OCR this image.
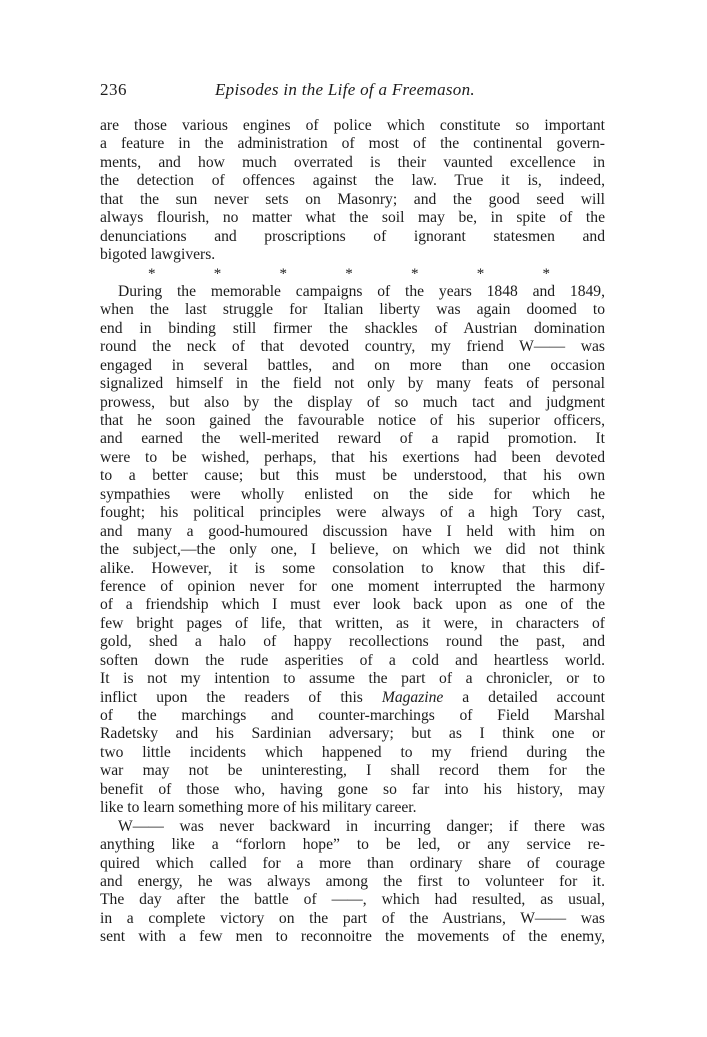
236	Episodes in the Life of a Freemason.
are those various engines of police which constitute so important
a feature in the administration of most of the continental govern-
ments, and how much overrated is their vaunted excellence in
the detection of offences against the law. True it is, indeed,
that the sun never sets on Masonry; and the good seed will
always flourish, no matter what the soil may be, in spite of the
denunciations and proscriptions of ignorant statesmen and
bigoted lawgivers.
*	*	*	*	*	*	*
During the memorable campaigns of the years 1848 and 1849,
when the last struggle for Italian liberty was again doomed to
end in binding still firmer the shackles of Austrian domination
round the neck of that devoted country, my friend W—— was
engaged in several battles, and on more than one occasion
signalized himself in the field not only by many feats of personal
prowess, but also by the display of so much tact and judgment
that he soon gained the favourable notice of his superior officers,
and earned the well-merited reward of a rapid promotion. It
were to be wished, perhaps, that his exertions had been devoted
to a better cause; but this must be understood, that his own
sympathies were wholly enlisted on the side for which he
fought; his political principles were always of a high Tory cast,
and many a good-humoured discussion have I held with him on
the subject,—the only one, I believe, on which we did not think
alike. However, it is some consolation to know that this dif-
ference of opinion never for one moment interrupted the harmony
of a friendship which I must ever look back upon as one of the
few bright pages of life, that written, as it were, in characters of
gold, shed a halo of happy recollections round the past, and
soften down the rude asperities of a cold and heartless world.
It is not my intention to assume the part of a chronicler, or to
inflict upon the readers of this Magazine a detailed account
of the marchings and counter-marchings of Field Marshal
Radetsky and his Sardinian adversary; but as I think one or
two little incidents which happened to my friend during the
war may not be uninteresting, I shall record them for the
benefit of those who, having gone so far into his history, may
like to learn something more of his military career.
W—— was never backward in incurring danger; if there was
anything like a “forlorn hope” to be led, or any service re-
quired which called for a more than ordinary share of courage
and energy, he was always among the first to volunteer for it.
The day after the battle of ——, which had resulted, as usual,
in a complete victory on the part of the Austrians, W—— was
sent with a few men to reconnoitre the movements of the enemy,
